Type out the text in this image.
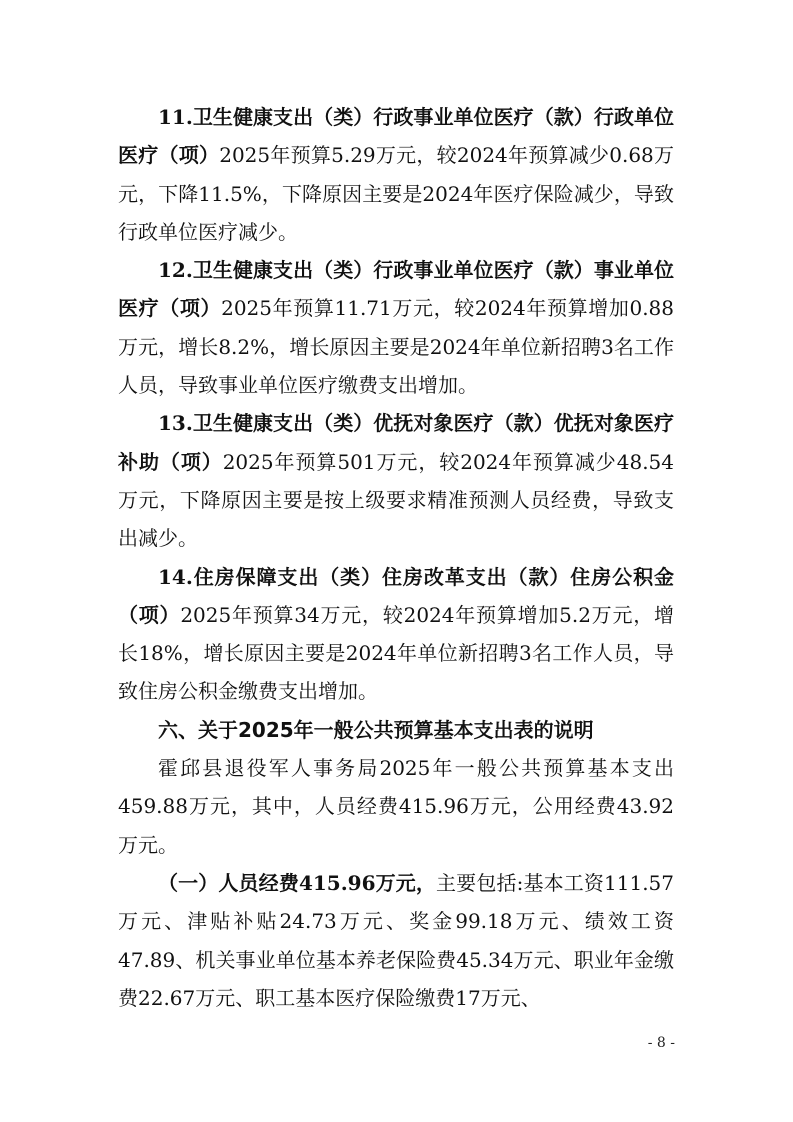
11.卫生健康支出（类）行政事业单位医疗（款）行政单位医疗（项）2025年预算5.29万元，较2024年预算减少0.68万元，下降11.5%，下降原因主要是2024年医疗保险减少，导致行政单位医疗减少。

12.卫生健康支出（类）行政事业单位医疗（款）事业单位医疗（项）2025年预算11.71万元，较2024年预算增加0.88万元，增长8.2%，增长原因主要是2024年单位新招聘3名工作人员，导致事业单位医疗缴费支出增加。

13.卫生健康支出（类）优抚对象医疗（款）优抚对象医疗补助（项）2025年预算501万元，较2024年预算减少48.54万元，下降原因主要是按上级要求精准预测人员经费，导致支出减少。

14.住房保障支出（类）住房改革支出（款）住房公积金（项）2025年预算34万元，较2024年预算增加5.2万元，增长18%，增长原因主要是2024年单位新招聘3名工作人员，导致住房公积金缴费支出增加。

六、关于2025年一般公共预算基本支出表的说明

霍邱县退役军人事务局2025年一般公共预算基本支出459.88万元，其中，人员经费415.96万元，公用经费43.92万元。

（一）人员经费415.96万元，主要包括:基本工资111.57万元、津贴补贴24.73万元、奖金99.18万元、绩效工资47.89、机关事业单位基本养老保险费45.34万元、职业年金缴费22.67万元、职工基本医疗保险缴费17万元、

- 8 -
